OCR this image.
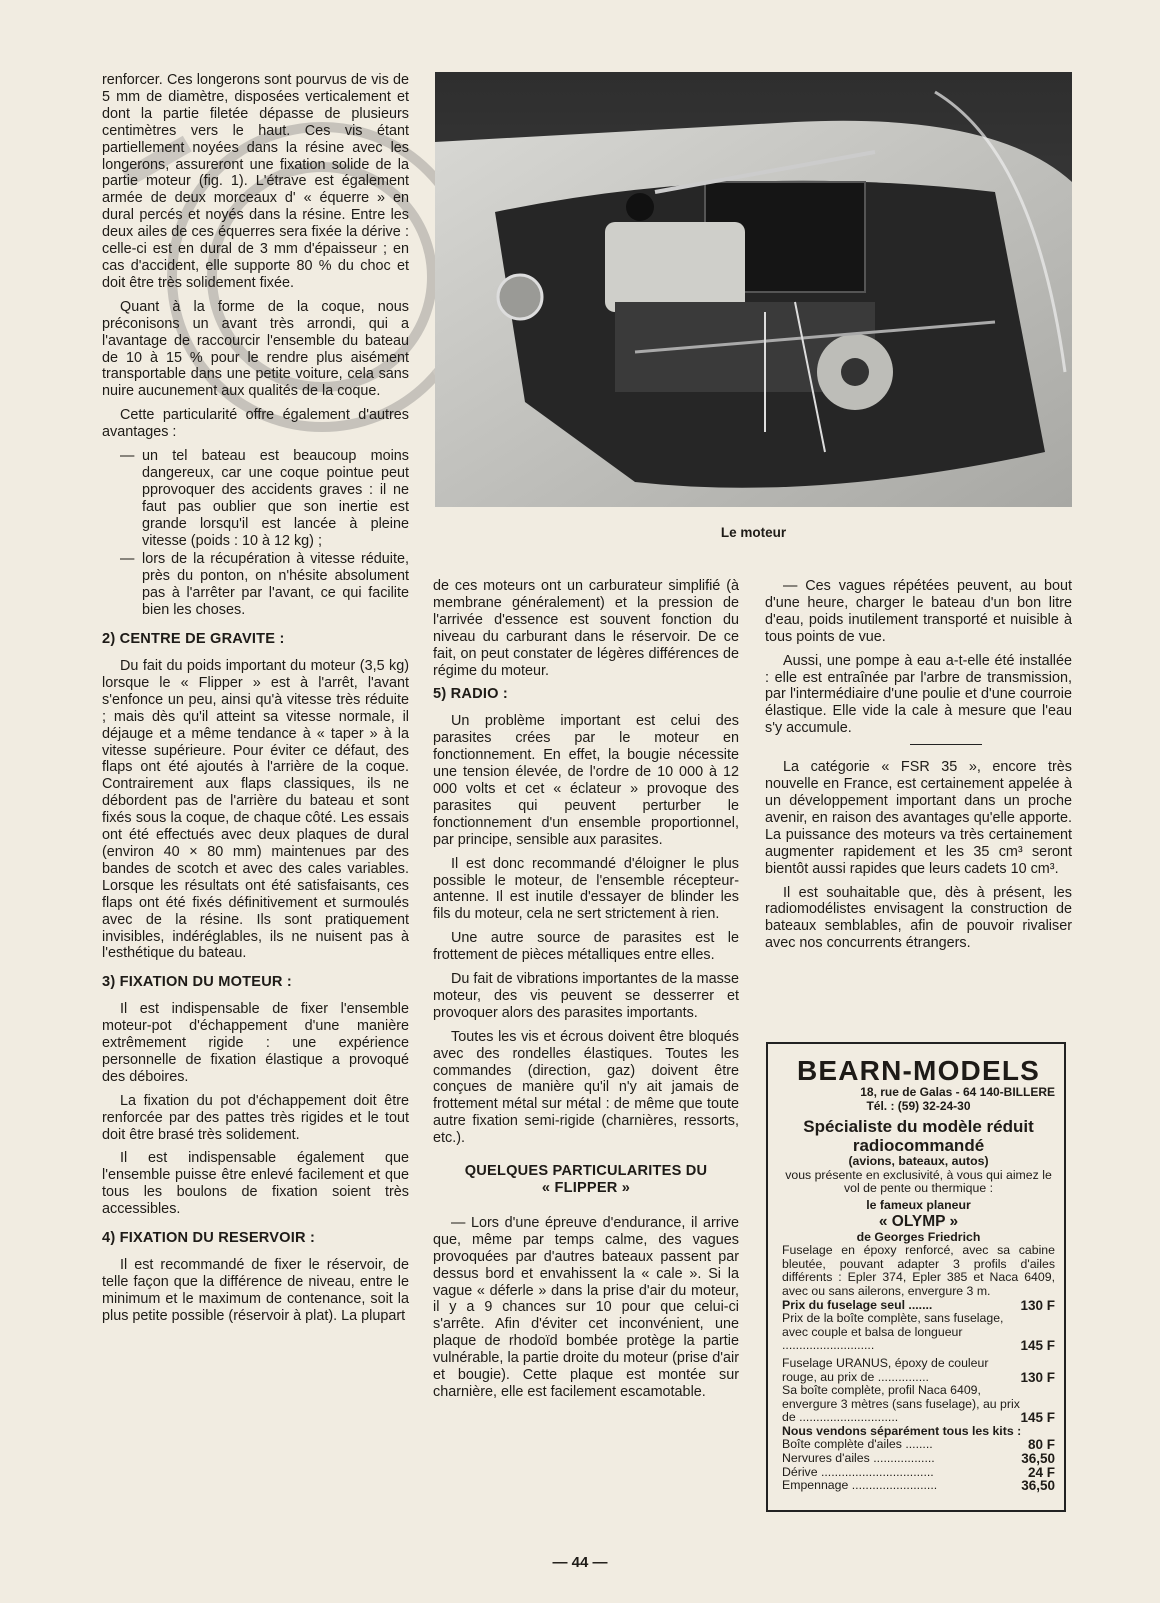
renforcer. Ces longerons sont pourvus de vis de 5 mm de diamètre, disposées verticalement et dont la partie filetée dépasse de plusieurs centimètres vers le haut. Ces vis étant partiellement noyées dans la résine avec les longerons, assureront une fixation solide de la partie moteur (fig. 1). L'étrave est également armée de deux morceaux d' « équerre » en dural percés et noyés dans la résine. Entre les deux ailes de ces équerres sera fixée la dérive : celle-ci est en dural de 3 mm d'épaisseur ; en cas d'accident, elle supporte 80 % du choc et doit être très solidement fixée.

Quant à la forme de la coque, nous préconisons un avant très arrondi, qui a l'avantage de raccourcir l'ensemble du bateau de 10 à 15 % pour le rendre plus aisément transportable dans une petite voiture, cela sans nuire aucunement aux qualités de la coque.

Cette particularité offre également d'autres avantages :

— un tel bateau est beaucoup moins dangereux, car une coque pointue peut pprovoquer des accidents graves : il ne faut pas oublier que son inertie est grande lorsqu'il est lancée à pleine vitesse (poids : 10 à 12 kg) ;
— lors de la récupération à vitesse réduite, près du ponton, on n'hésite absolument pas à l'arrêter par l'avant, ce qui facilite bien les choses.
2) CENTRE DE GRAVITE :

Du fait du poids important du moteur (3,5 kg) lorsque le « Flipper » est à l'arrêt, l'avant s'enfonce un peu, ainsi qu'à vitesse très réduite ; mais dès qu'il atteint sa vitesse normale, il déjauge et a même tendance à « taper » à la vitesse supérieure. Pour éviter ce défaut, des flaps ont été ajoutés à l'arrière de la coque. Contrairement aux flaps classiques, ils ne débordent pas de l'arrière du bateau et sont fixés sous la coque, de chaque côté. Les essais ont été effectués avec deux plaques de dural (environ 40 × 80 mm) maintenues par des bandes de scotch et avec des cales variables. Lorsque les résultats ont été satisfaisants, ces flaps ont été fixés définitivement et surmoulés avec de la résine. Ils sont pratiquement invisibles, indéréglables, ils ne nuisent pas à l'esthétique du bateau.

3) FIXATION DU MOTEUR :

Il est indispensable de fixer l'ensemble moteur-pot d'échappement d'une manière extrêmement rigide : une expérience personnelle de fixation élastique a provoqué des déboires.

La fixation du pot d'échappement doit être renforcée par des pattes très rigides et le tout doit être brasé très solidement.

Il est indispensable également que l'ensemble puisse être enlevé facilement et que tous les boulons de fixation soient très accessibles.

4) FIXATION DU RESERVOIR :

Il est recommandé de fixer le réservoir, de telle façon que la différence de niveau, entre le minimum et le maximum de contenance, soit la plus petite possible (réservoir à plat). La plupart

Le moteur

de ces moteurs ont un carburateur simplifié (à membrane généralement) et la pression de l'arrivée d'essence est souvent fonction du niveau du carburant dans le réservoir. De ce fait, on peut constater de légères différences de régime du moteur.

5) RADIO :

Un problème important est celui des parasites crées par le moteur en fonctionnement. En effet, la bougie nécessite une tension élevée, de l'ordre de 10 000 à 12 000 volts et cet « éclateur » provoque des parasites qui peuvent perturber le fonctionnement d'un ensemble proportionnel, par principe, sensible aux parasites.

Il est donc recommandé d'éloigner le plus possible le moteur, de l'ensemble récepteur-antenne. Il est inutile d'essayer de blinder les fils du moteur, cela ne sert strictement à rien.

Une autre source de parasites est le frottement de pièces métalliques entre elles.

Du fait de vibrations importantes de la masse moteur, des vis peuvent se desserrer et provoquer alors des parasites importants.

Toutes les vis et écrous doivent être bloqués avec des rondelles élastiques. Toutes les commandes (direction, gaz) doivent être conçues de manière qu'il n'y ait jamais de frottement métal sur métal : de même que toute autre fixation semi-rigide (charnières, ressorts, etc.).

QUELQUES PARTICULARITES DU
« FLIPPER »

— Lors d'une épreuve d'endurance, il arrive que, même par temps calme, des vagues provoquées par d'autres bateaux passent par dessus bord et envahissent la « cale ». Si la vague « déferle » dans la prise d'air du moteur, il y a 9 chances sur 10 pour que celui-ci s'arrête. Afin d'éviter cet inconvénient, une plaque de rhodoïd bombée protège la partie vulnérable, la partie droite du moteur (prise d'air et bougie). Cette plaque est montée sur charnière, elle est facilement escamotable.

— Ces vagues répétées peuvent, au bout d'une heure, charger le bateau d'un bon litre d'eau, poids inutilement transporté et nuisible à tous points de vue.

Aussi, une pompe à eau a-t-elle été installée : elle est entraînée par l'arbre de transmission, par l'intermédiaire d'une poulie et d'une courroie élastique. Elle vide la cale à mesure que l'eau s'y accumule.

La catégorie « FSR 35 », encore très nouvelle en France, est certainement appelée à un développement important dans un proche avenir, en raison des avantages qu'elle apporte. La puissance des moteurs va très certainement augmenter rapidement et les 35 cm³ seront bientôt aussi rapides que leurs cadets 10 cm³.

Il est souhaitable que, dès à présent, les radiomodélistes envisagent la construction de bateaux semblables, afin de pouvoir rivaliser avec nos concurrents étrangers.

BEARN-MODELS
18, rue de Galas - 64 140-BILLERE
Tél. : (59) 32-24-30
Spécialiste du modèle réduit
radiocommandé
(avions, bateaux, autos)
vous présente en exclusivité, à vous qui aimez le vol de pente ou thermique :
le fameux planeur
« OLYMP »
de Georges Friedrich
Fuselage en époxy renforcé, avec sa cabine bleutée, pouvant adapter 3 profils d'ailes différents : Epler 374, Epler 385 et Naca 6409, avec ou sans ailerons, envergure 3 m.
Prix du fuselage seul .......	130 F
Prix de la boîte complète, sans fuselage, avec couple et balsa de longueur ...........................	145 F
Fuselage URANUS, époxy de couleur rouge, au prix de ...............	130 F
Sa boîte complète, profil Naca 6409, envergure 3 mètres (sans fuselage), au prix de .............................	145 F
Nous vendons séparément tous les kits :
Boîte complète d'ailes ........	80 F
Nervures d'ailes ..................	36,50
Dérive .................................	24 F
Empennage .........................	36,50
— 44 —
